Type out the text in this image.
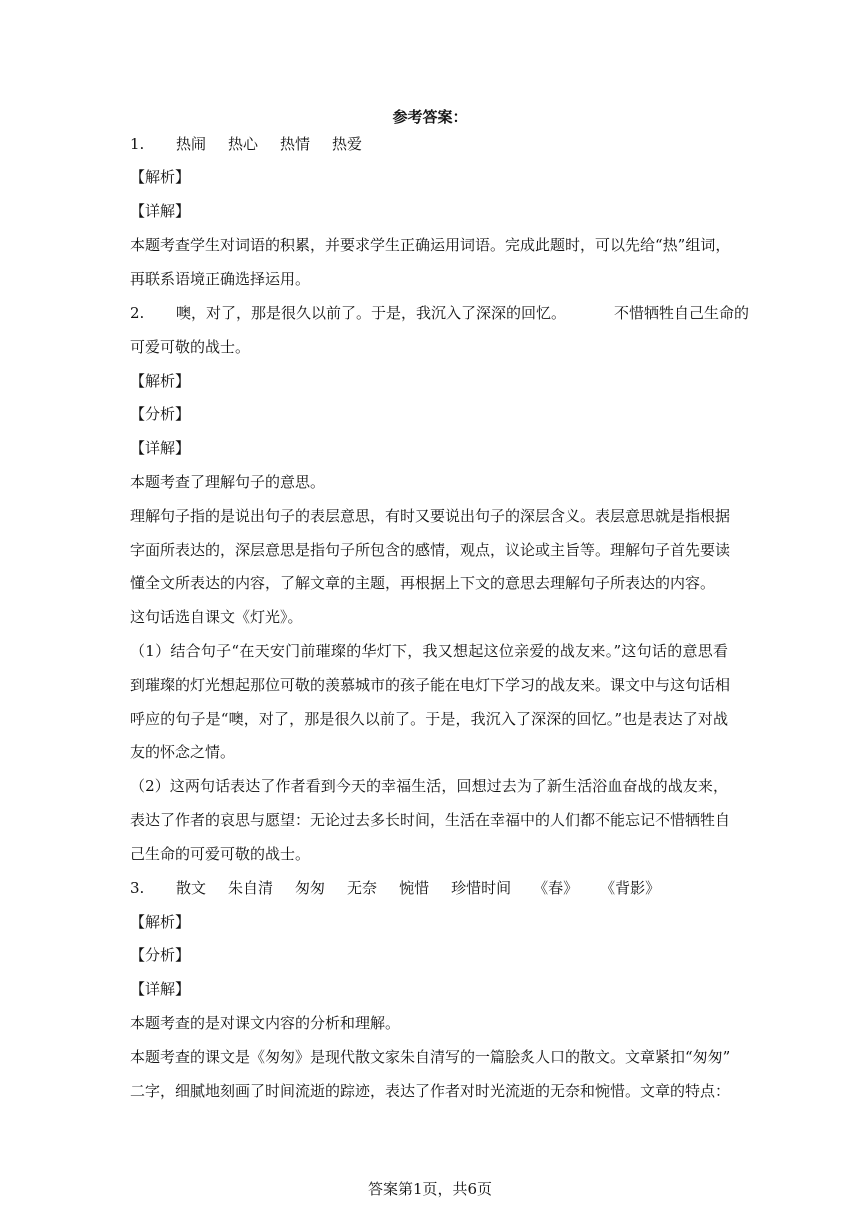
参考答案：
1. 热闹 热心 热情 热爱
【解析】
【详解】
本题考查学生对词语的积累，并要求学生正确运用词语。完成此题时，可以先给“热”组词，
再联系语境正确选择运用。
2. 噢，对了，那是很久以前了。于是，我沉入了深深的回忆。	不惜牺牲自己生命的
可爱可敬的战士。
【解析】
【分析】
【详解】
本题考查了理解句子的意思。
理解句子指的是说出句子的表层意思，有时又要说出句子的深层含义。表层意思就是指根据
字面所表达的，深层意思是指句子所包含的感情，观点，议论或主旨等。理解句子首先要读
懂全文所表达的内容，了解文章的主题，再根据上下文的意思去理解句子所表达的内容。
这句话选自课文《灯光》。
（1）结合句子“在天安门前璀璨的华灯下，我又想起这位亲爱的战友来。”这句话的意思看
到璀璨的灯光想起那位可敬的羡慕城市的孩子能在电灯下学习的战友来。课文中与这句话相
呼应的句子是“噢，对了，那是很久以前了。于是，我沉入了深深的回忆。”也是表达了对战
友的怀念之情。
（2）这两句话表达了作者看到今天的幸福生活，回想过去为了新生活浴血奋战的战友来，
表达了作者的哀思与愿望：无论过去多长时间，生活在幸福中的人们都不能忘记不惜牺牲自
己生命的可爱可敬的战士。
3. 散文 朱自清 匆匆 无奈 惋惜 珍惜时间 《春》 《背影》
【解析】
【分析】
【详解】
本题考查的是对课文内容的分析和理解。
本题考查的课文是《匆匆》是现代散文家朱自清写的一篇脍炙人口的散文。文章紧扣“匆匆”
二字，细腻地刻画了时间流逝的踪迹，表达了作者对时光流逝的无奈和惋惜。文章的特点：
答案第1页，共6页
